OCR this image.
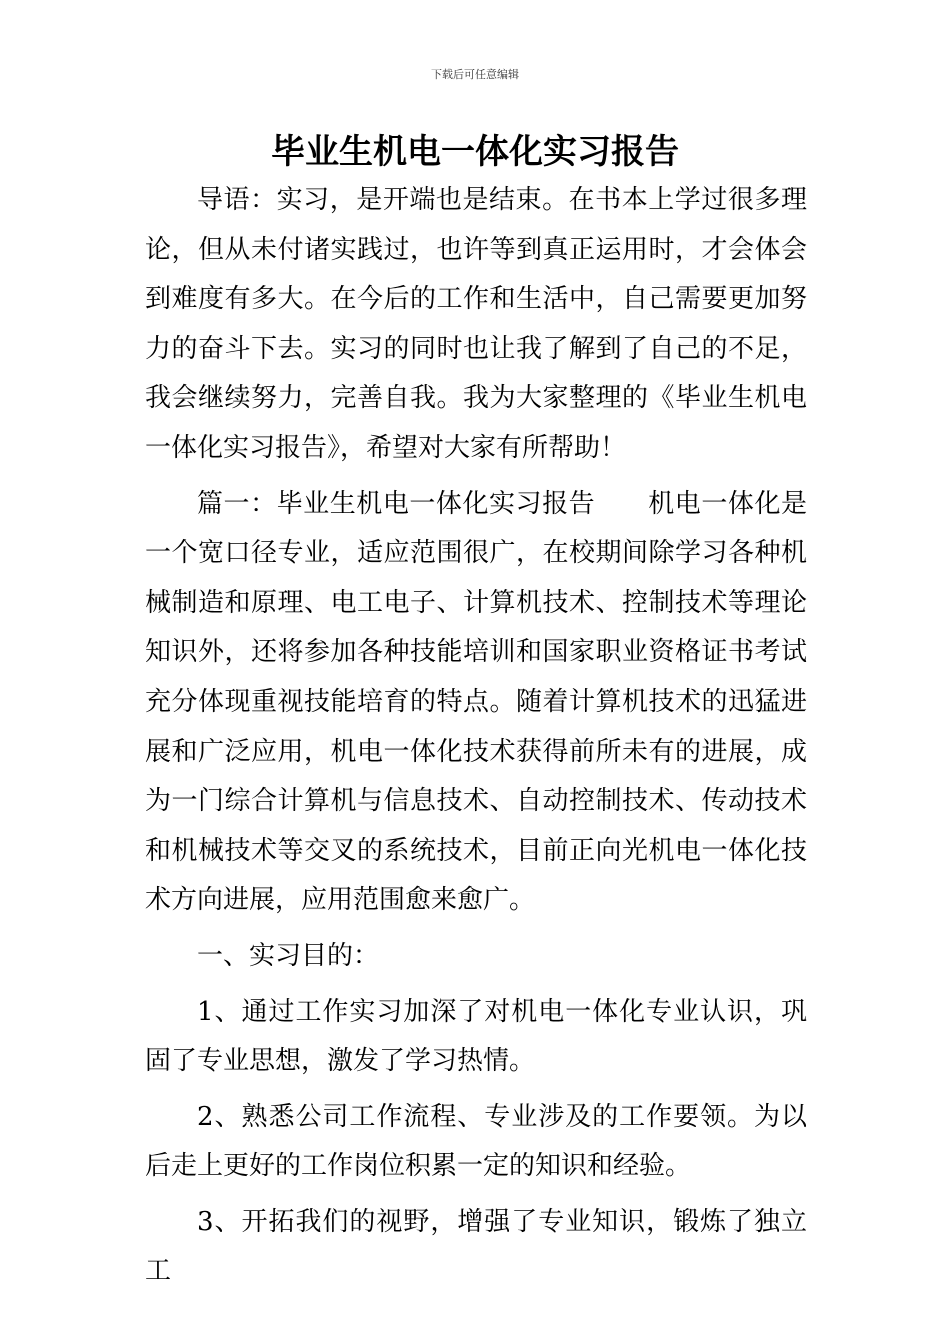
下载后可任意编辑
毕业生机电一体化实习报告

导语：实习，是开端也是结束。在书本上学过很多理论，但从未付诸实践过，也许等到真正运用时，才会体会到难度有多大。在今后的工作和生活中，自己需要更加努力的奋斗下去。实习的同时也让我了解到了自己的不足，我会继续努力，完善自我。我为大家整理的《毕业生机电一体化实习报告》，希望对大家有所帮助！

篇一：毕业生机电一体化实习报告　　机电一体化是一个宽口径专业，适应范围很广，在校期间除学习各种机械制造和原理、电工电子、计算机技术、控制技术等理论知识外，还将参加各种技能培训和国家职业资格证书考试充分体现重视技能培育的特点。随着计算机技术的迅猛进展和广泛应用，机电一体化技术获得前所未有的进展，成为一门综合计算机与信息技术、自动控制技术、传动技术和机械技术等交叉的系统技术，目前正向光机电一体化技术方向进展，应用范围愈来愈广。

一、实习目的：

1、通过工作实习加深了对机电一体化专业认识，巩固了专业思想，激发了学习热情。

2、熟悉公司工作流程、专业涉及的工作要领。为以后走上更好的工作岗位积累一定的知识和经验。

3、开拓我们的视野，增强了专业知识，锻炼了独立工
